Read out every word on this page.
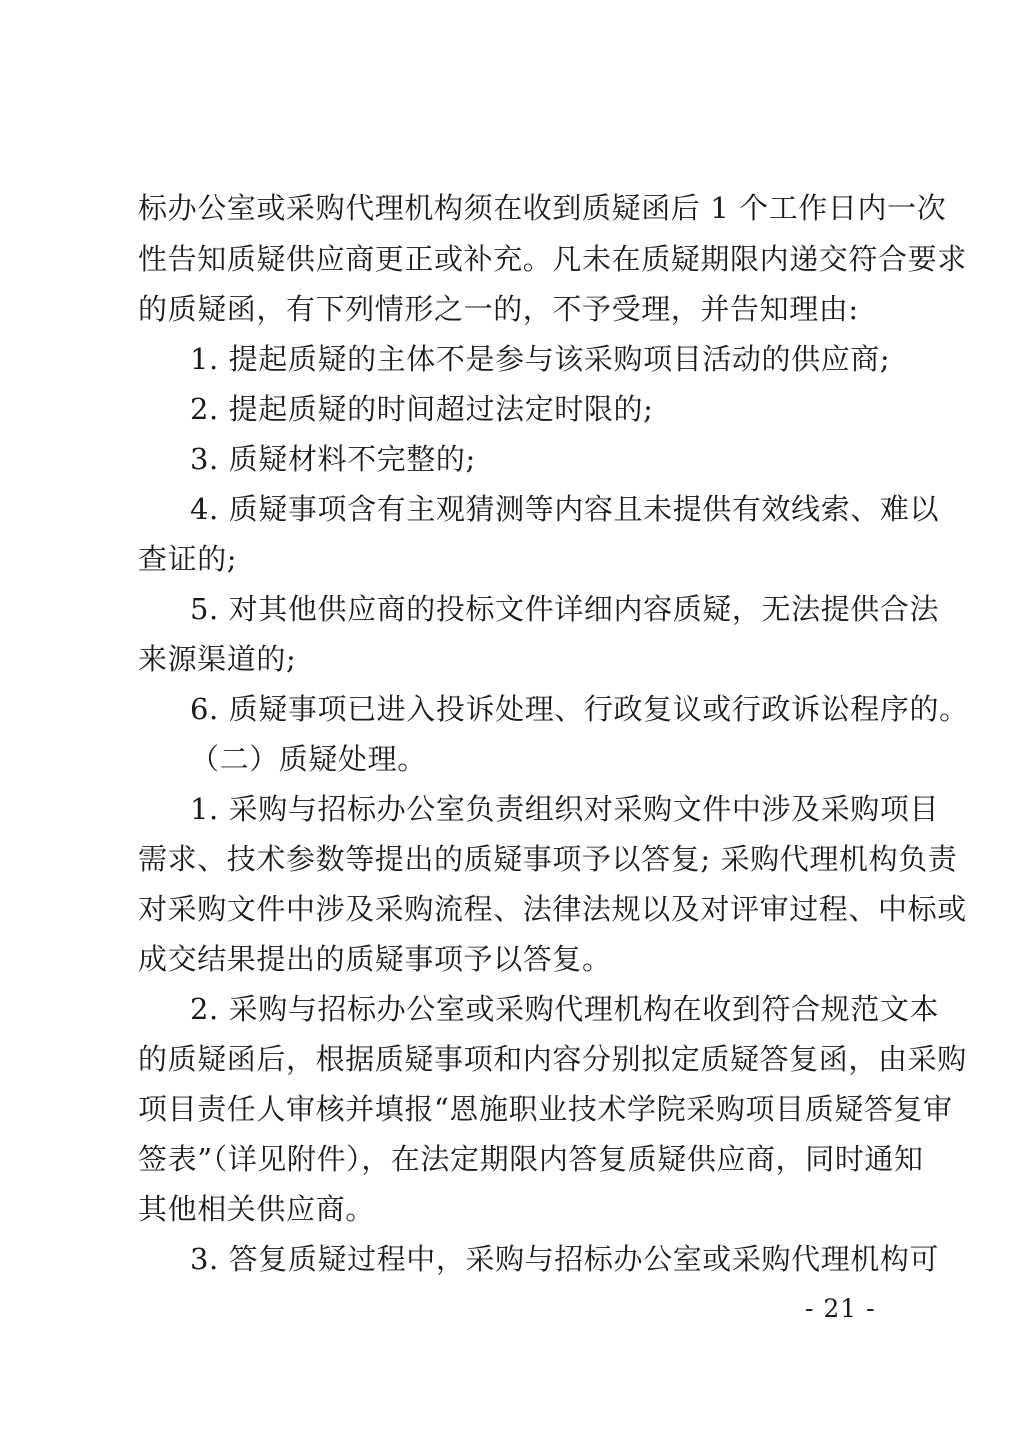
标办公室或采购代理机构须在收到质疑函后 1 个工作日内一次
性告知质疑供应商更正或补充。凡未在质疑期限内递交符合要求
的质疑函，有下列情形之一的，不予受理，并告知理由:
1. 提起质疑的主体不是参与该采购项目活动的供应商;
2. 提起质疑的时间超过法定时限的;
3. 质疑材料不完整的;
4. 质疑事项含有主观猜测等内容且未提供有效线索、难以
查证的;
5. 对其他供应商的投标文件详细内容质疑，无法提供合法
来源渠道的;
6. 质疑事项已进入投诉处理、行政复议或行政诉讼程序的。
（二）质疑处理。
1. 采购与招标办公室负责组织对采购文件中涉及采购项目
需求、技术参数等提出的质疑事项予以答复; 采购代理机构负责
对采购文件中涉及采购流程、法律法规以及对评审过程、中标或
成交结果提出的质疑事项予以答复。
2. 采购与招标办公室或采购代理机构在收到符合规范文本
的质疑函后，根据质疑事项和内容分别拟定质疑答复函，由采购
项目责任人审核并填报“恩施职业技术学院采购项目质疑答复审
签表”（详见附件），在法定期限内答复质疑供应商，同时通知
其他相关供应商。
3. 答复质疑过程中，采购与招标办公室或采购代理机构可
- 21 -
